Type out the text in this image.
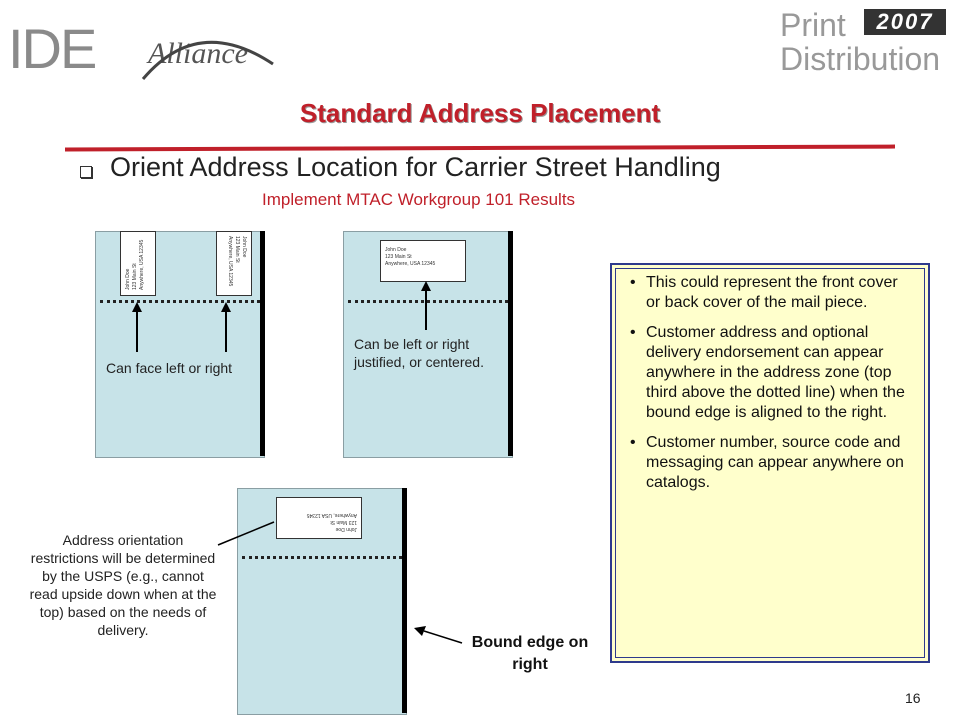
IDE Alliance
Print
Distribution
2007
Standard Address Placement
Orient Address Location for Carrier Street Handling
Implement MTAC Workgroup 101 Results
John Doe 123 Main St Anywhere, USA 12345	John Doe
123 Main St
Anywhere, USA 12345
Can face left or right
John Doe
123 Main St
Anywhere, USA 12345
Can be left or right justified, or centered.
John Doe
123 Main St
Anywhere, USA 12345
Address orientation restrictions will be determined by the USPS (e.g., cannot read upside down when at the top) based on the needs of delivery.
Bound edge on right
• This could represent the front cover or back cover of the mail piece.
• Customer address and optional delivery endorsement can appear anywhere in the address zone (top third above the dotted line) when the bound edge is aligned to the right.
• Customer number, source code and messaging can appear anywhere on catalogs.
16
